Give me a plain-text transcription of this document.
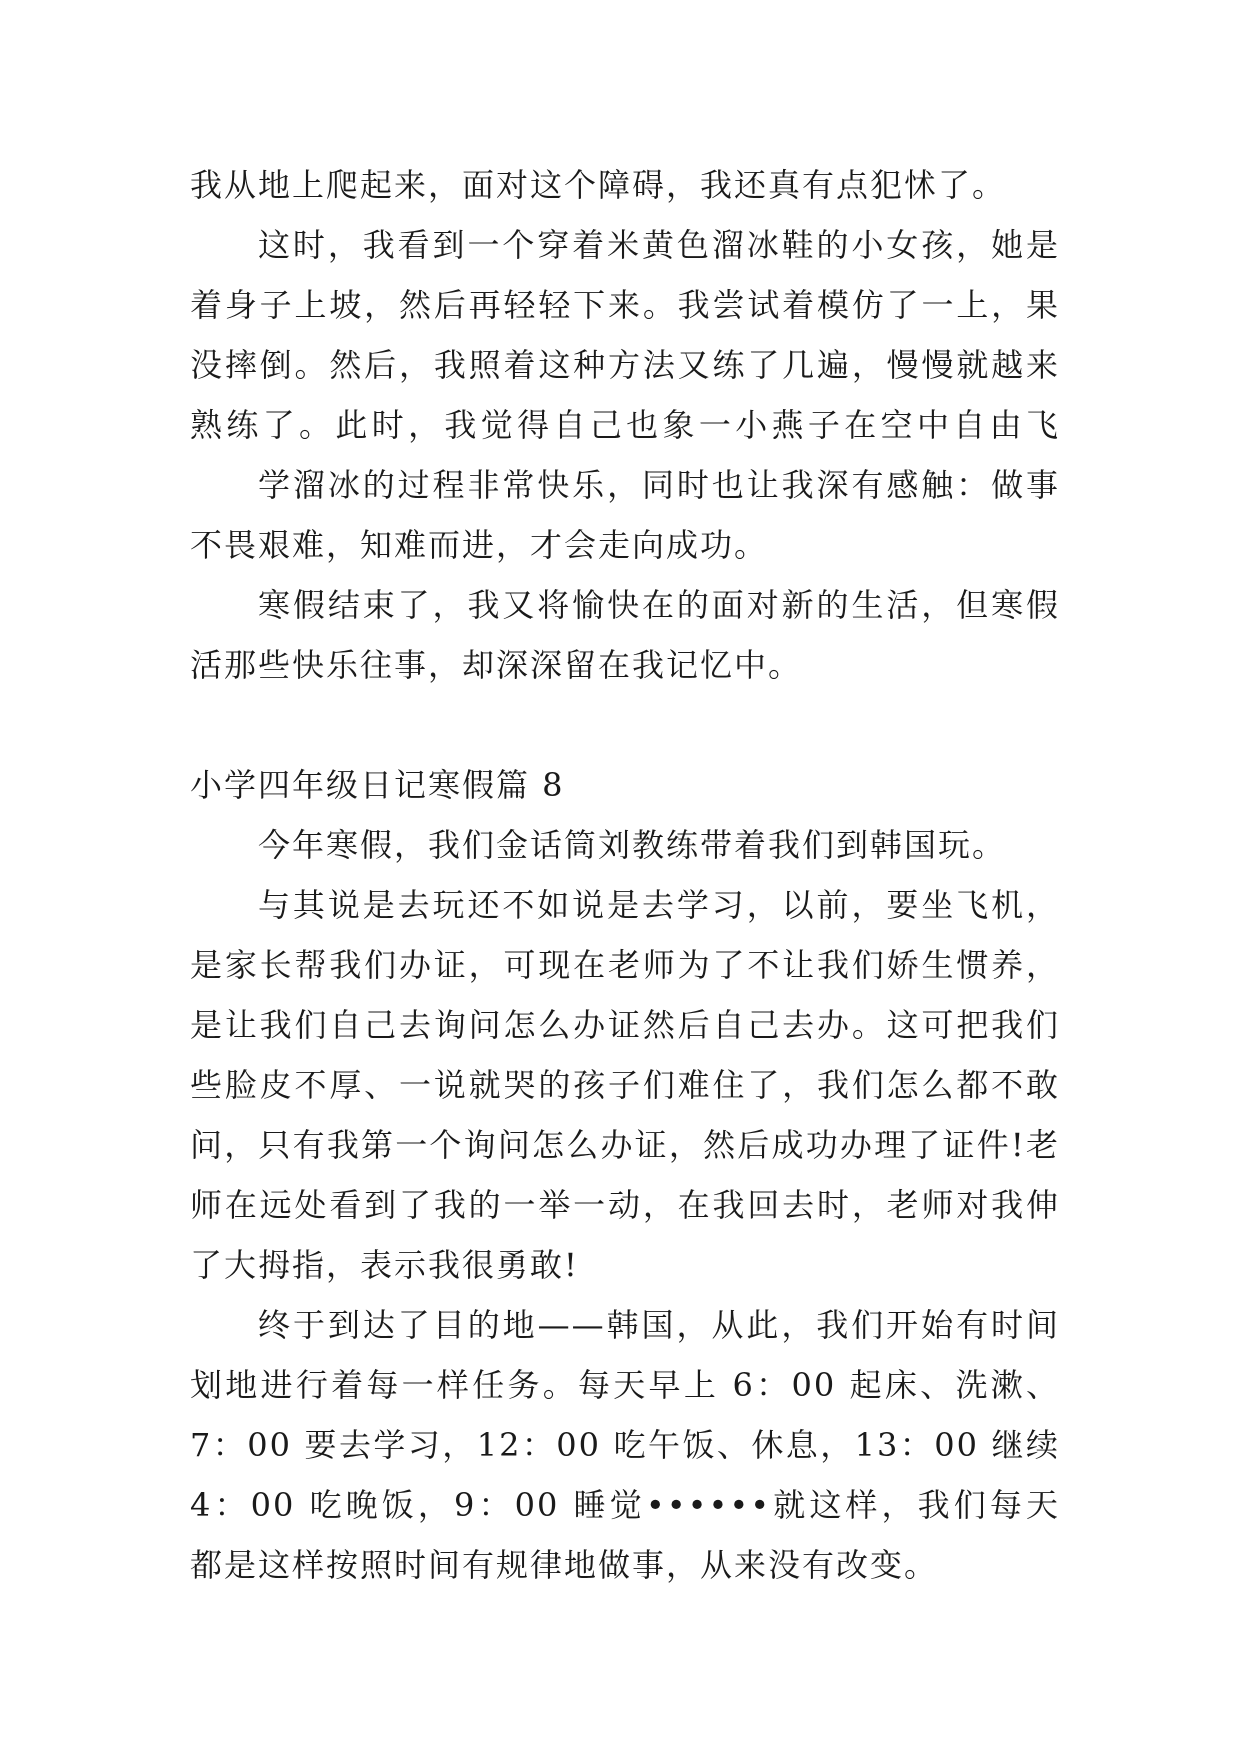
我从地上爬起来，面对这个障碍，我还真有点犯怵了。
这时，我看到一个穿着米黄色溜冰鞋的小女孩，她是
着身子上坡，然后再轻轻下来。我尝试着模仿了一上，果
没摔倒。然后，我照着这种方法又练了几遍，慢慢就越来
熟练了。此时，我觉得自己也象一小燕子在空中自由飞
学溜冰的过程非常快乐，同时也让我深有感触：做事
不畏艰难，知难而进，才会走向成功。
寒假结束了，我又将愉快在的面对新的生活，但寒假
活那些快乐往事，却深深留在我记忆中。
小学四年级日记寒假篇 8
今年寒假，我们金话筒刘教练带着我们到韩国玩。
与其说是去玩还不如说是去学习，以前，要坐飞机，
是家长帮我们办证，可现在老师为了不让我们娇生惯养，
是让我们自己去询问怎么办证然后自己去办。这可把我们
些脸皮不厚、一说就哭的孩子们难住了，我们怎么都不敢
问，只有我第一个询问怎么办证，然后成功办理了证件!老
师在远处看到了我的一举一动，在我回去时，老师对我伸
了大拇指，表示我很勇敢!
终于到达了目的地——韩国，从此，我们开始有时间
划地进行着每一样任务。每天早上 6：00 起床、洗漱、
7：00 要去学习，12：00 吃午饭、休息，13：00 继续
4：00 吃晚饭，9：00 睡觉••••••就这样，我们每天
都是这样按照时间有规律地做事，从来没有改变。
